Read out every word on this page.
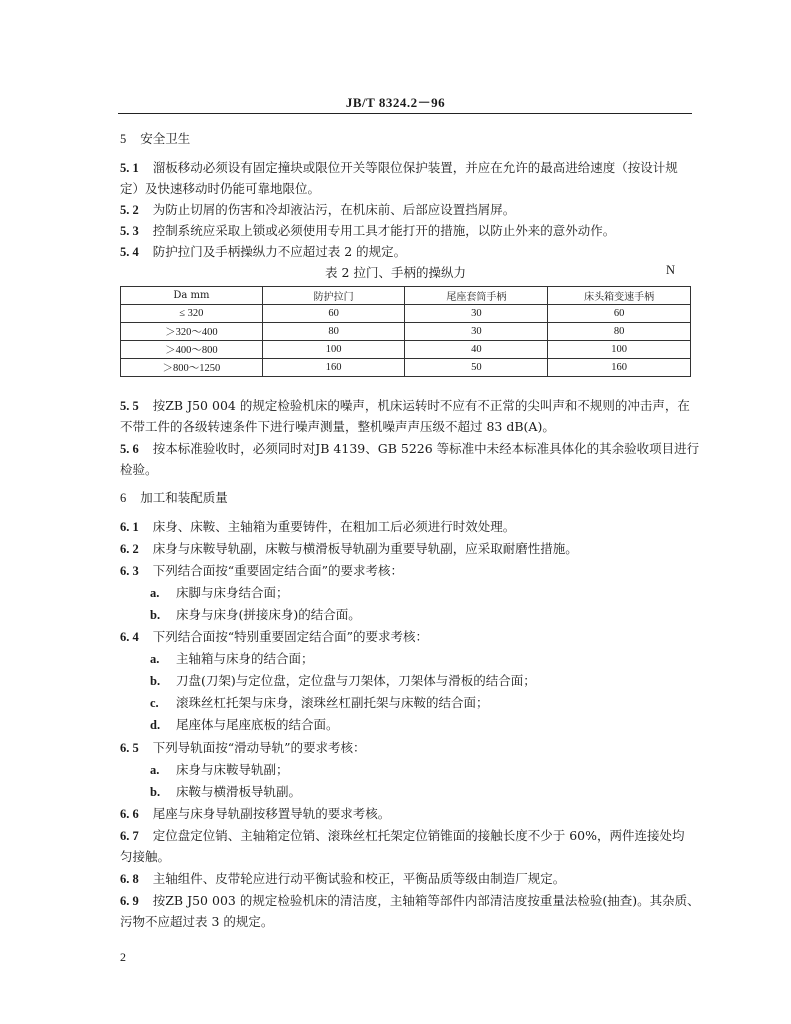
JB/T 8324.2－96
5 安全卫生
5. 1 溜板移动必须设有固定撞块或限位开关等限位保护装置，并应在允许的最高进给速度（按设计规
定）及快速移动时仍能可靠地限位。
5. 2 为防止切屑的伤害和冷却液沾污，在机床前、后部应设置挡屑屏。
5. 3 控制系统应采取上锁或必须使用专用工具才能打开的措施，以防止外来的意外动作。
5. 4 防护拉门及手柄操纵力不应超过表 2 的规定。
表 2 拉门、手柄的操纵力	N
Da mm	防护拉门	尾座套筒手柄	床头箱变速手柄
≤ 320	60	30	60
＞320～400	80	30	80
＞400～800	100	40	100
＞800～1250	160	50	160
5. 5 按ZB J50 004 的规定检验机床的噪声，机床运转时不应有不正常的尖叫声和不规则的冲击声，在
不带工件的各级转速条件下进行噪声测量，整机噪声声压级不超过 83 dB(A)。
5. 6 按本标准验收时，必须同时对JB 4139、GB 5226 等标准中未经本标准具体化的其余验收项目进行
检验。
6 加工和装配质量
6. 1 床身、床鞍、主轴箱为重要铸件，在粗加工后必须进行时效处理。
6. 2 床身与床鞍导轨副，床鞍与横滑板导轨副为重要导轨副，应采取耐磨性措施。
6. 3 下列结合面按“重要固定结合面”的要求考核：
a. 床脚与床身结合面；
b. 床身与床身(拼接床身)的结合面。
6. 4 下列结合面按“特别重要固定结合面”的要求考核：
a. 主轴箱与床身的结合面；
b. 刀盘(刀架)与定位盘，定位盘与刀架体，刀架体与滑板的结合面；
c. 滚珠丝杠托架与床身，滚珠丝杠副托架与床鞍的结合面；
d. 尾座体与尾座底板的结合面。
6. 5 下列导轨面按“滑动导轨”的要求考核：
a. 床身与床鞍导轨副；
b. 床鞍与横滑板导轨副。
6. 6 尾座与床身导轨副按移置导轨的要求考核。
6. 7 定位盘定位销、主轴箱定位销、滚珠丝杠托架定位销锥面的接触长度不少于 60%，两件连接处均
匀接触。
6. 8 主轴组件、皮带轮应进行动平衡试验和校正，平衡品质等级由制造厂规定。
6. 9 按ZB J50 003 的规定检验机床的清洁度，主轴箱等部件内部清洁度按重量法检验(抽查)。其杂质、
污物不应超过表 3 的规定。
2
